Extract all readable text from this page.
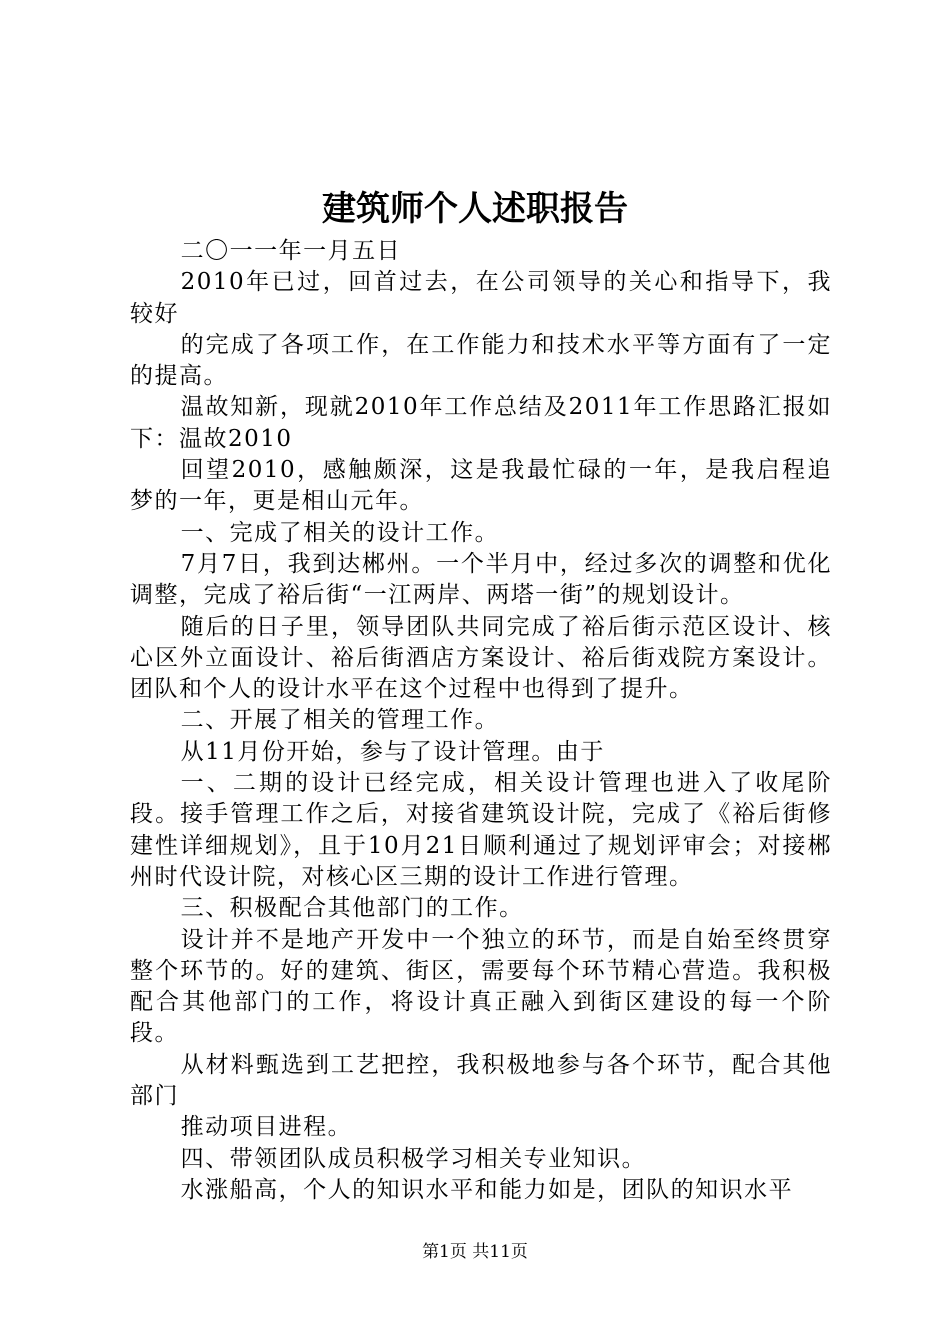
建筑师个人述职报告

二〇一一年一月五日

2010年已过，回首过去，在公司领导的关心和指导下，我较好

的完成了各项工作，在工作能力和技术水平等方面有了一定的提高。

温故知新，现就2010年工作总结及2011年工作思路汇报如下：温故2010

回望2010，感触颇深，这是我最忙碌的一年，是我启程追梦的一年，更是相山元年。

一、完成了相关的设计工作。

7月7日，我到达郴州。一个半月中，经过多次的调整和优化调整，完成了裕后街“一江两岸、两塔一街”的规划设计。

随后的日子里，领导团队共同完成了裕后街示范区设计、核心区外立面设计、裕后街酒店方案设计、裕后街戏院方案设计。团队和个人的设计水平在这个过程中也得到了提升。

二、开展了相关的管理工作。

从11月份开始，参与了设计管理。由于

一、二期的设计已经完成，相关设计管理也进入了收尾阶段。接手管理工作之后，对接省建筑设计院，完成了《裕后街修建性详细规划》，且于10月21日顺利通过了规划评审会；对接郴州时代设计院，对核心区三期的设计工作进行管理。

三、积极配合其他部门的工作。

设计并不是地产开发中一个独立的环节，而是自始至终贯穿整个环节的。好的建筑、街区，需要每个环节精心营造。我积极配合其他部门的工作，将设计真正融入到街区建设的每一个阶段。

从材料甄选到工艺把控，我积极地参与各个环节，配合其他部门

推动项目进程。

四、带领团队成员积极学习相关专业知识。

水涨船高，个人的知识水平和能力如是，团队的知识水平

第1页 共11页
